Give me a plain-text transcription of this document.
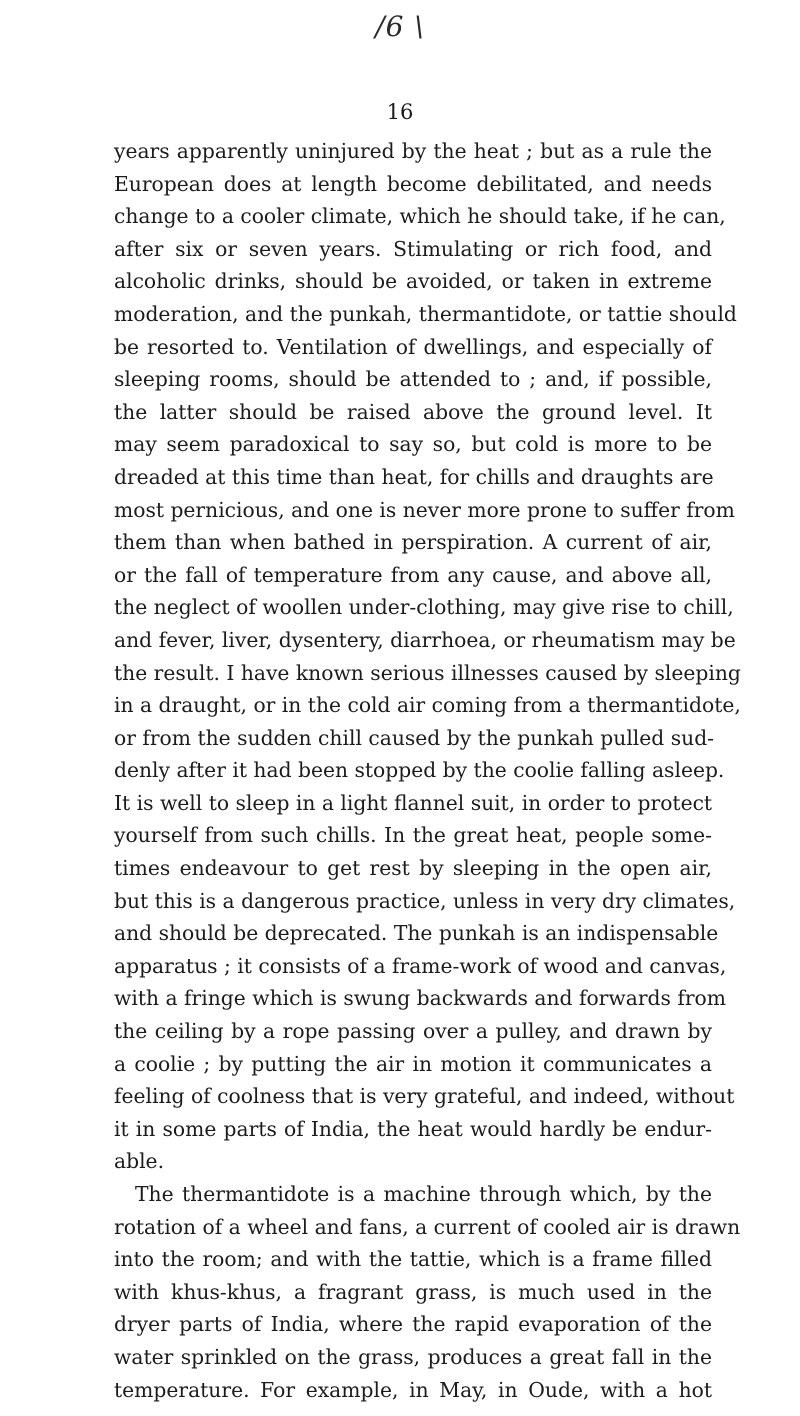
/6 \
16
years apparently uninjured by the heat ; but as a rule the
European does at length become debilitated, and needs
change to a cooler climate, which he should take, if he can,
after six or seven years. Stimulating or rich food, and
alcoholic drinks, should be avoided, or taken in extreme
moderation, and the punkah, thermantidote, or tattie should
be resorted to. Ventilation of dwellings, and especially of
sleeping rooms, should be attended to ; and, if possible,
the latter should be raised above the ground level. It
may seem paradoxical to say so, but cold is more to be
dreaded at this time than heat, for chills and draughts are
most pernicious, and one is never more prone to suffer from
them than when bathed in perspiration. A current of air,
or the fall of temperature from any cause, and above all,
the neglect of woollen under-clothing, may give rise to chill,
and fever, liver, dysentery, diarrhoea, or rheumatism may be
the result. I have known serious illnesses caused by sleeping
in a draught, or in the cold air coming from a thermantidote,
or from the sudden chill caused by the punkah pulled sud-
denly after it had been stopped by the coolie falling asleep.
It is well to sleep in a light flannel suit, in order to protect
yourself from such chills. In the great heat, people some-
times endeavour to get rest by sleeping in the open air,
but this is a dangerous practice, unless in very dry climates,
and should be deprecated. The punkah is an indispensable
apparatus ; it consists of a frame-work of wood and canvas,
with a fringe which is swung backwards and forwards from
the ceiling by a rope passing over a pulley, and drawn by
a coolie ; by putting the air in motion it communicates a
feeling of coolness that is very grateful, and indeed, without
it in some parts of India, the heat would hardly be endur-
able.
The thermantidote is a machine through which, by the
rotation of a wheel and fans, a current of cooled air is drawn
into the room; and with the tattie, which is a frame filled
with khus-khus, a fragrant grass, is much used in the
dryer parts of India, where the rapid evaporation of the
water sprinkled on the grass, produces a great fall in the
temperature. For example, in May, in Oude, with a hot
